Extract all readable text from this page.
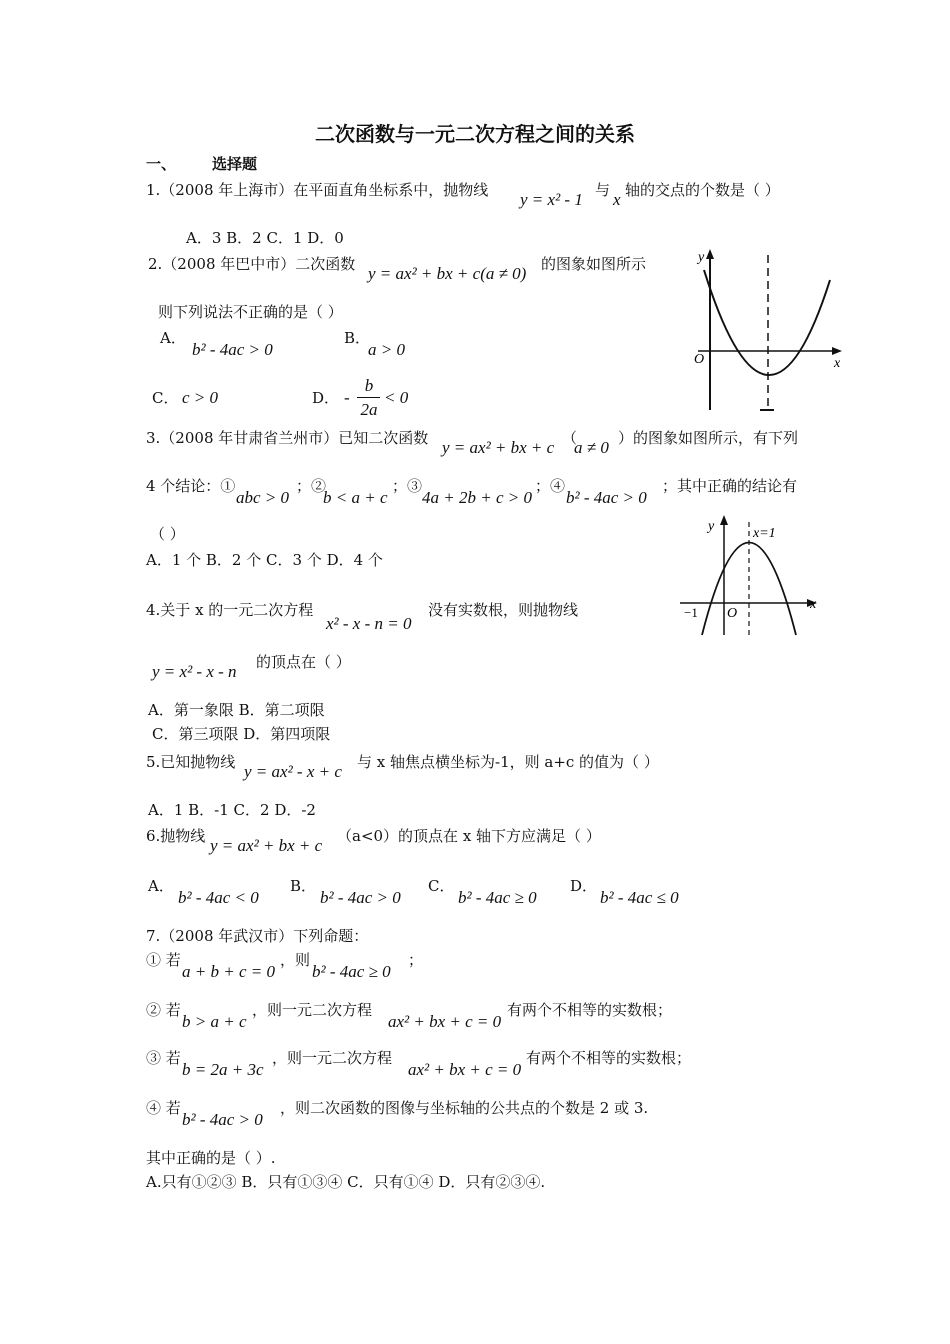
二次函数与一元二次方程之间的关系
一、 选择题
1.（2008 年上海市）在平面直角坐标系中，抛物线 y = x² - 1 与 x 轴的交点的个数是（ ）
A．3 B．2 C．1 D．0
2.（2008 年巴中市）二次函数 y = ax² + bx + c(a ≠ 0) 的图象如图所示
则下列说法不正确的是（ ）
A．
b² - 4ac > 0
B．
a > 0
C． c > 0	D． -
b
2a
< 0
y
x
O
3.（2008 年甘肃省兰州市）已知二次函数 y = ax² + bx + c （
a ≠ 0 ）的图象如图所示，有下列
4 个结论：①
abc > 0
；②
b < a + c
；③
4a + 2b + c > 0
；④
b² - 4ac > 0
；其中正确的结论有
（ ）
A．1 个 B．2 个 C．3 个 D．4 个
y
x
O
−1
x=1
4.关于 x 的一元二次方程
x² - x - n = 0
没有实数根，则抛物线
y = x² - x - n 的顶点在（ ）
A．第一象限 B．第二项限
C．第三项限 D．第四项限
5.已知抛物线 y = ax² - x + c 与 x 轴焦点横坐标为-1，则 a+c 的值为（ ）
A．1 B．-1 C．2 D．-2
6.抛物线 y = ax² + bx + c （a<0）的顶点在 x 轴下方应满足（ ）
A．
b² - 4ac < 0
B．
b² - 4ac > 0
C．
b² - 4ac ≥ 0
D．
b² - 4ac ≤ 0
7.（2008 年武汉市）下列命题：
① 若
a + b + c = 0
，则
b² - 4ac ≥ 0
；
② 若
b > a + c
，则一元二次方程
ax² + bx + c = 0
有两个不相等的实数根；
③ 若
b = 2a + 3c
，则一元二次方程
ax² + bx + c = 0
有两个不相等的实数根；
④ 若
b² - 4ac > 0
，则二次函数的图像与坐标轴的公共点的个数是 2 或 3.
其中正确的是（ ）.
A.只有①②③ B．只有①③④ C．只有①④ D．只有②③④.
